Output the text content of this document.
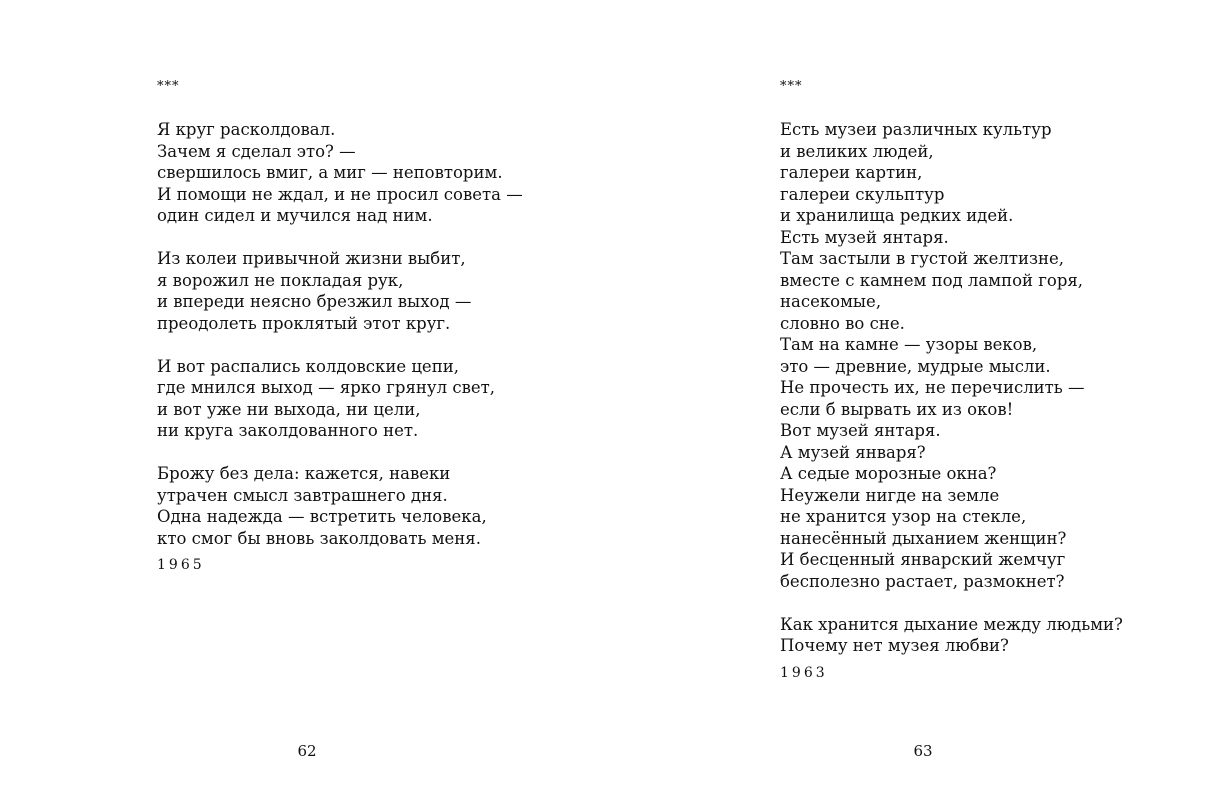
***
Я круг расколдовал.
Зачем я сделал это? —
свершилось вмиг, а миг — неповторим.
И помощи не ждал, и не просил совета —
один сидел и мучился над ним.
Из колеи привычной жизни выбит,
я ворожил не покладая рук,
и впереди неясно брезжил выход —
преодолеть проклятый этот круг.
И вот распались колдовские цепи,
где мнился выход — ярко грянул свет,
и вот уже ни выхода, ни цели,
ни круга заколдованного нет.
Брожу без дела: кажется, навеки
утрачен смысл завтрашнего дня.
Одна надежда — встретить человека,
кто смог бы вновь заколдовать меня.
1965
62
***
Есть музеи различных культур
и великих людей,
галереи картин,
галереи скульптур
и хранилища редких идей.
Есть музей янтаря.
Там застыли в густой желтизне,
вместе с камнем под лампой горя,
насекомые,
словно во сне.
Там на камне — узоры веков,
это — древние, мудрые мысли.
Не прочесть их, не перечислить —
если б вырвать их из оков!
Вот музей янтаря.
А музей января?
А седые морозные окна?
Неужели нигде на земле
не хранится узор на стекле,
нанесённый дыханием женщин?
И бесценный январский жемчуг
бесполезно растает, размокнет?
Как хранится дыхание между людьми?
Почему нет музея любви?
1963
63
